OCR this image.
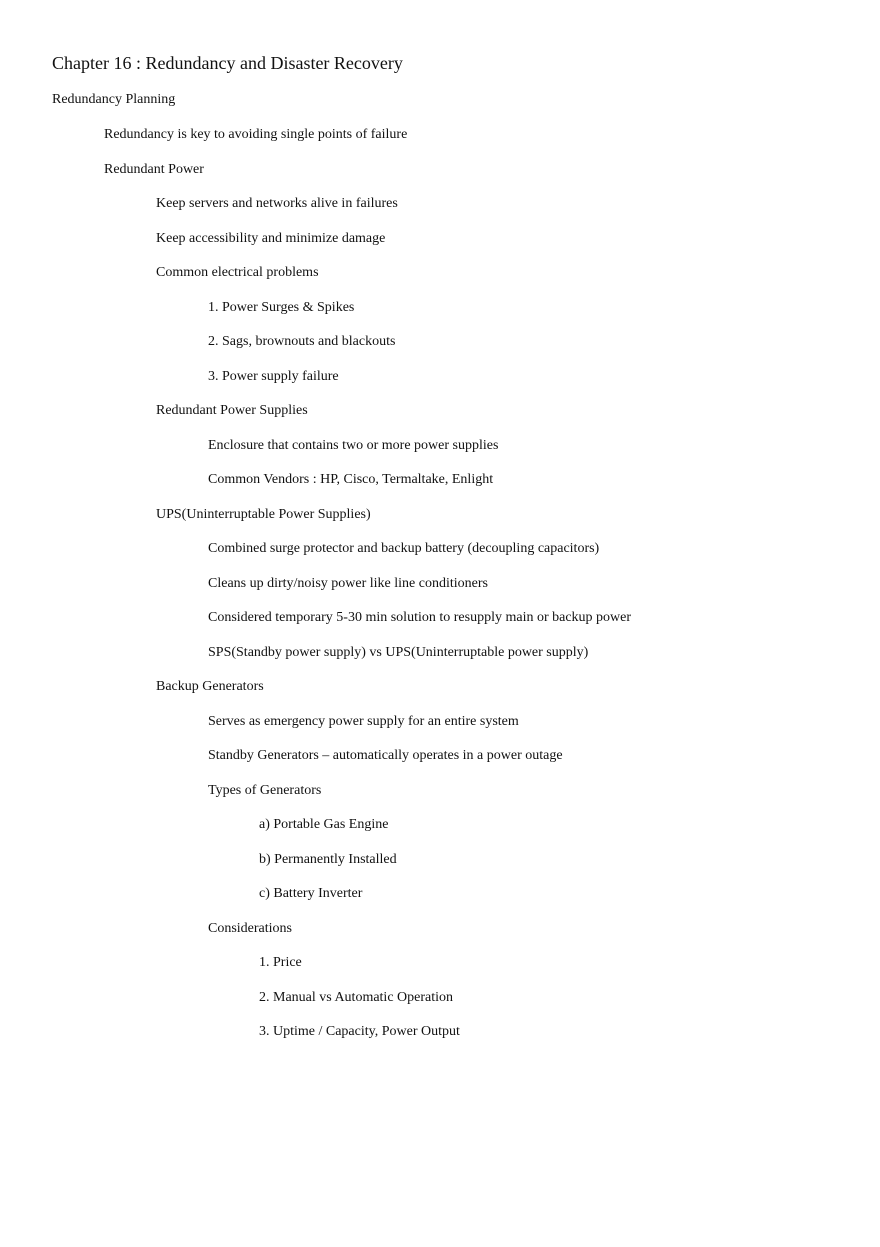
Chapter 16 : Redundancy and Disaster Recovery

Redundancy Planning

Redundancy is key to avoiding single points of failure

Redundant Power

Keep servers and networks alive in failures

Keep accessibility and minimize damage

Common electrical problems

1. Power Surges & Spikes

2. Sags, brownouts and blackouts

3. Power supply failure

Redundant Power Supplies

Enclosure that contains two or more power supplies

Common Vendors : HP, Cisco, Termaltake, Enlight

UPS(Uninterruptable Power Supplies)

Combined surge protector and backup battery (decoupling capacitors)

Cleans up dirty/noisy power like line conditioners

Considered temporary 5-30 min solution to resupply main or backup power

SPS(Standby power supply) vs UPS(Uninterruptable power supply)

Backup Generators

Serves as emergency power supply for an entire system

Standby Generators – automatically operates in a power outage

Types of Generators

a) Portable Gas Engine

b) Permanently Installed

c) Battery Inverter

Considerations

1. Price

2. Manual vs Automatic Operation

3. Uptime / Capacity, Power Output
